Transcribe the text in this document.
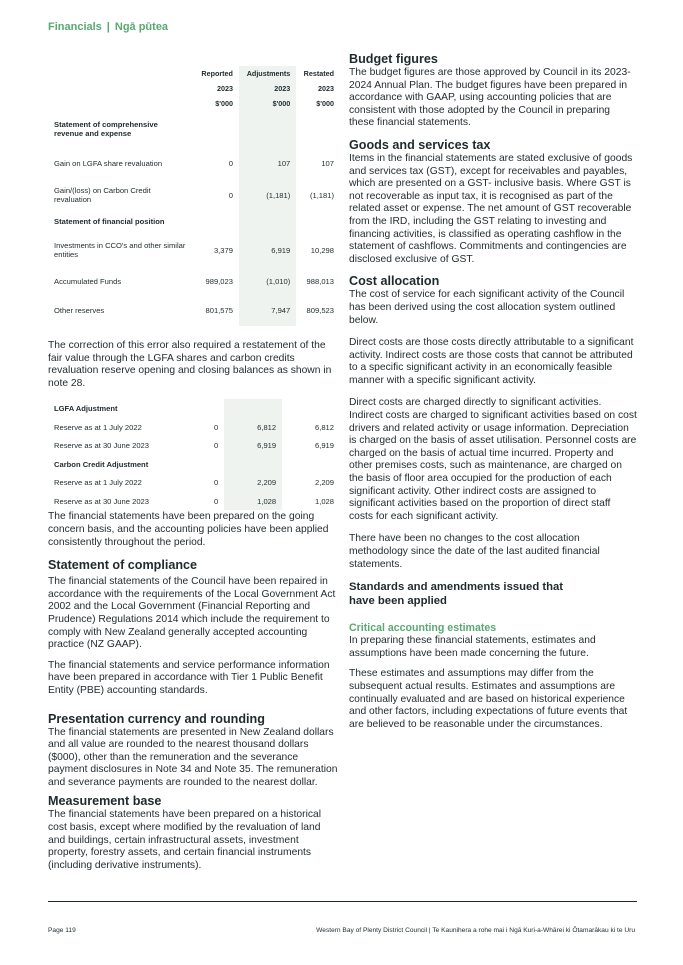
Financials | Ngā pūtea
	Reported	Adjustments	Restated
	2023	2023	2023
	$'000	$'000	$'000
Statement of comprehensive revenue and expense			
Gain on LGFA share revaluation	0	107	107
Gain/(loss) on Carbon Credit revaluation	0	(1,181)	(1,181)
Statement of financial position			
Investments in CCO's and other similar entities	3,379	6,919	10,298
Accumulated Funds	989,023	(1,010)	988,013
Other reserves	801,575	7,947	809,523

The correction of this error also required a restatement of the fair value through the LGFA shares and carbon credits revaluation reserve opening and closing balances as shown in note 28.

LGFA Adjustment			
Reserve as at 1 July 2022	0	6,812	6,812
Reserve as at 30 June 2023	0	6,919	6,919
Carbon Credit Adjustment			
Reserve as at 1 July 2022	0	2,209	2,209
Reserve as at 30 June 2023	0	1,028	1,028

The financial statements have been prepared on the going concern basis, and the accounting policies have been applied consistently throughout the period.

Statement of compliance

The financial statements of the Council have been repaired in accordance with the requirements of the Local Government Act 2002 and the Local Government (Financial Reporting and Prudence) Regulations 2014 which include the requirement to comply with New Zealand generally accepted accounting practice (NZ GAAP).

The financial statements and service performance information have been prepared in accordance with Tier 1 Public Benefit Entity (PBE) accounting standards.

Presentation currency and rounding

The financial statements are presented in New Zealand dollars and all value are rounded to the nearest thousand dollars ($000), other than the remuneration and the severance payment disclosures in Note 34 and Note 35. The remuneration and severance payments are rounded to the nearest dollar.

Measurement base

The financial statements have been prepared on a historical cost basis, except where modified by the revaluation of land and buildings, certain infrastructural assets, investment property, forestry assets, and certain financial instruments (including derivative instruments).

Budget figures

The budget figures are those approved by Council in its 2023-2024 Annual Plan. The budget figures have been prepared in accordance with GAAP, using accounting policies that are consistent with those adopted by the Council in preparing these financial statements.

Goods and services tax

Items in the financial statements are stated exclusive of goods and services tax (GST), except for receivables and payables, which are presented on a GST- inclusive basis. Where GST is not recoverable as input tax, it is recognised as part of the related asset or expense. The net amount of GST recoverable from the IRD, including the GST relating to investing and financing activities, is classified as operating cashflow in the statement of cashflows. Commitments and contingencies are disclosed exclusive of GST.

Cost allocation

The cost of service for each significant activity of the Council has been derived using the cost allocation system outlined below.

Direct costs are those costs directly attributable to a significant activity. Indirect costs are those costs that cannot be attributed to a specific significant activity in an economically feasible manner with a specific significant activity.

Direct costs are charged directly to significant activities. Indirect costs are charged to significant activities based on cost drivers and related activity or usage information. Depreciation is charged on the basis of asset utilisation. Personnel costs are charged on the basis of actual time incurred. Property and other premises costs, such as maintenance, are charged on the basis of floor area occupied for the production of each significant activity. Other indirect costs are assigned to significant activities based on the proportion of direct staff costs for each significant activity.

There have been no changes to the cost allocation methodology since the date of the last audited financial statements.

Standards and amendments issued that have been applied
Critical accounting estimates

In preparing these financial statements, estimates and assumptions have been made concerning the future.

These estimates and assumptions may differ from the subsequent actual results. Estimates and assumptions are continually evaluated and are based on historical experience and other factors, including expectations of future events that are believed to be reasonable under the circumstances.

Page 119	Western Bay of Plenty District Council | Te Kaunihera a rohe mai i Ngā Kuri-a-Whārei ki Ōtamarākau ki te Uru
